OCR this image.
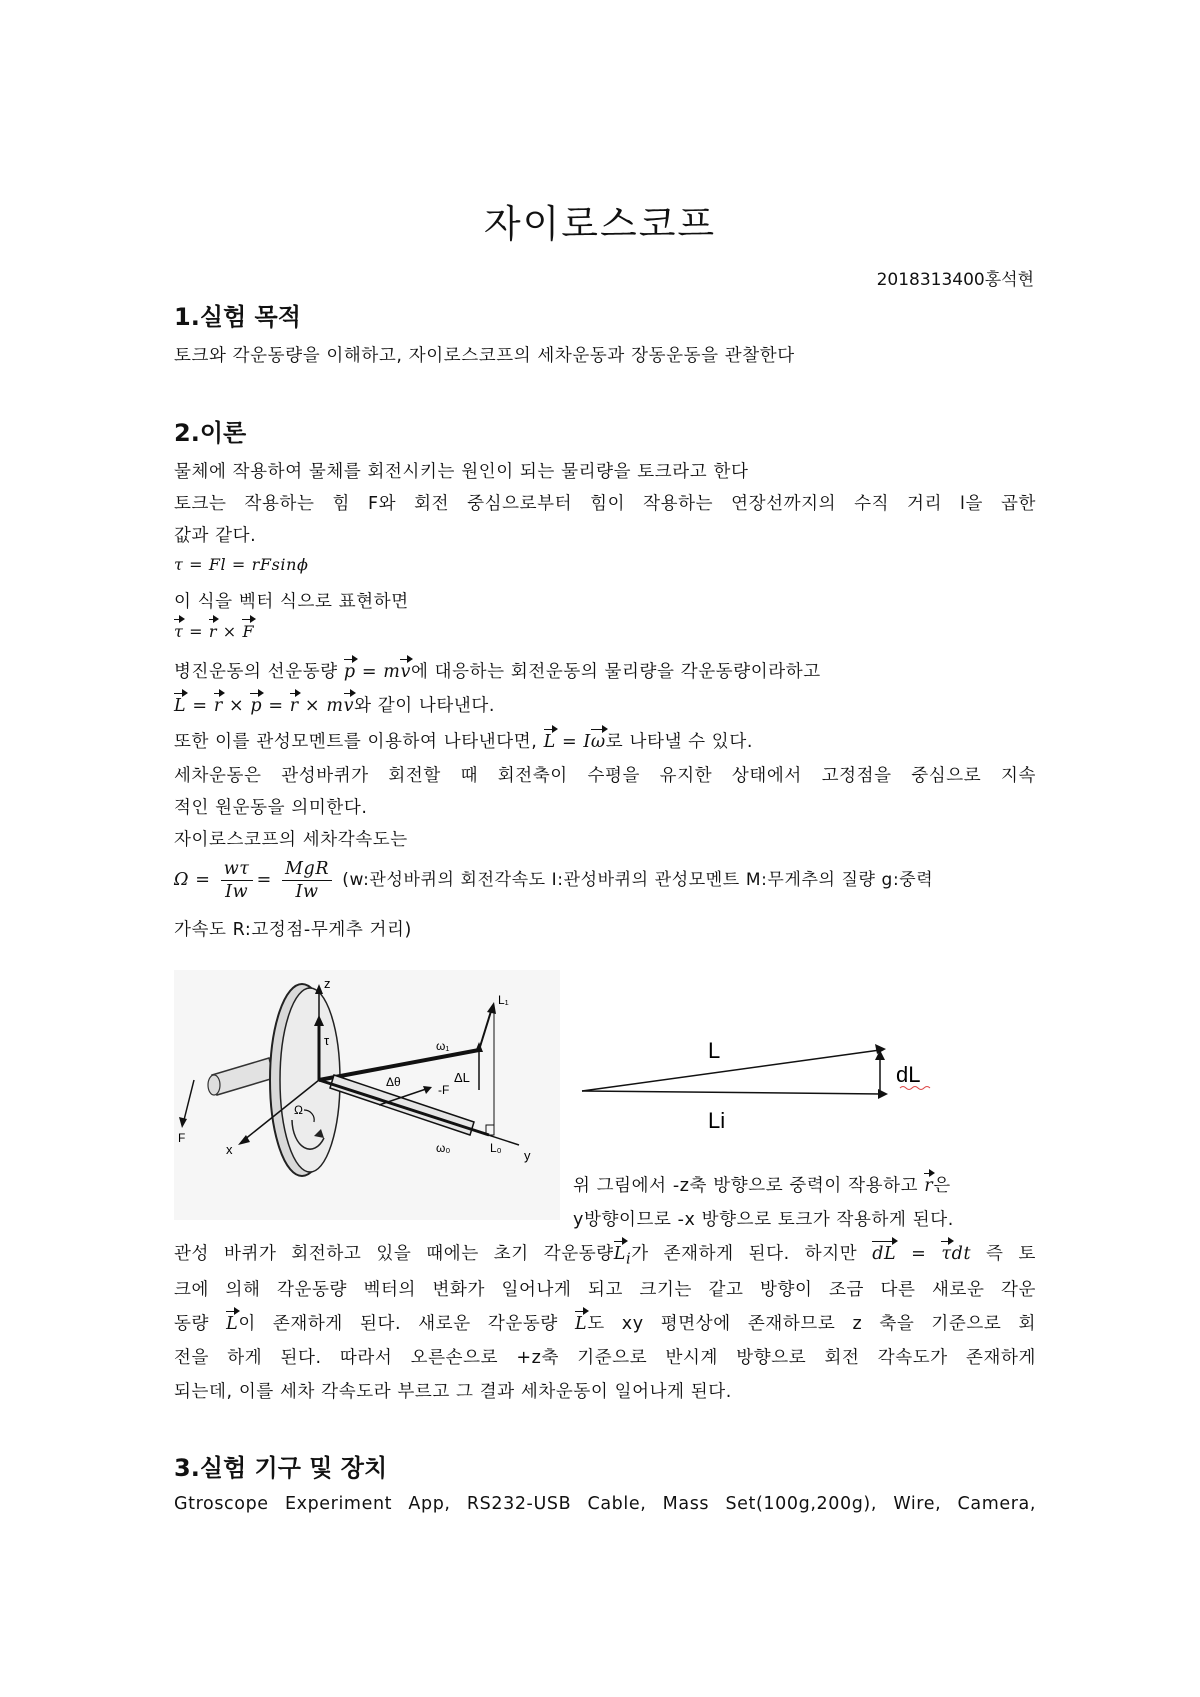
자이로스코프
2018313400홍석현
1.실험 목적
토크와 각운동량을 이해하고, 자이로스코프의 세차운동과 장동운동을 관찰한다
2.이론
물체에 작용하여 물체를 회전시키는 원인이 되는 물리량을 토크라고 한다
토크는 작용하는 힘 F와 회전 중심으로부터 힘이 작용하는 연장선까지의 수직 거리 l을 곱한
값과 같다.
τ = Fl = rFsinϕ
이 식을 벡터 식으로 표현하면
τ = r × F
병진운동의 선운동량 p = mv에 대응하는 회전운동의 물리량을 각운동량이라하고
L = r × p = r × mv와 같이 나타낸다.
또한 이를 관성모멘트를 이용하여 나타낸다면, L = Iω로 나타낼 수 있다.
세차운동은 관성바퀴가 회전할 때 회전축이 수평을 유지한 상태에서 고정점을 중심으로 지속
적인 원운동을 의미한다.
자이로스코프의 세차각속도는
$\Omega = \frac{w\tau}{Iw} = \frac{\text{MgR}}{Iw} (w$:관성바퀴의 회전각속도 I:관성바퀴의 관성모멘트 M:무게추의 질량 g:중력
가속도 R:고정점-무게추 거리)
z
x	y
τ	ω₁
L₁
ΔL
Δθ
-F
ω₀	L₀
Ω
F
L
Li
dL
위 그림에서 -z축 방향으로 중력이 작용하고 r은
y방향이므로 -x 방향으로 토크가 작용하게 된다.
관성 바퀴가 회전하고 있을 때에는 초기 각운동량$L_i$가 존재하게 된다. 하지만 dL = τdt 즉 토
크에 의해 각운동량 벡터의 변화가 일어나게 되고 크기는 같고 방향이 조금 다른 새로운 각운
동량 L이 존재하게 된다. 새로운 각운동량 L도 xy 평면상에 존재하므로 z 축을 기준으로 회
전을 하게 된다. 따라서 오른손으로 +z축 기준으로 반시계 방향으로 회전 각속도가 존재하게
되는데, 이를 세차 각속도라 부르고 그 결과 세차운동이 일어나게 된다.
3.실험 기구 및 장치
Gtroscope Experiment App, RS232-USB Cable, Mass Set(100g,200g), Wire, Camera,
